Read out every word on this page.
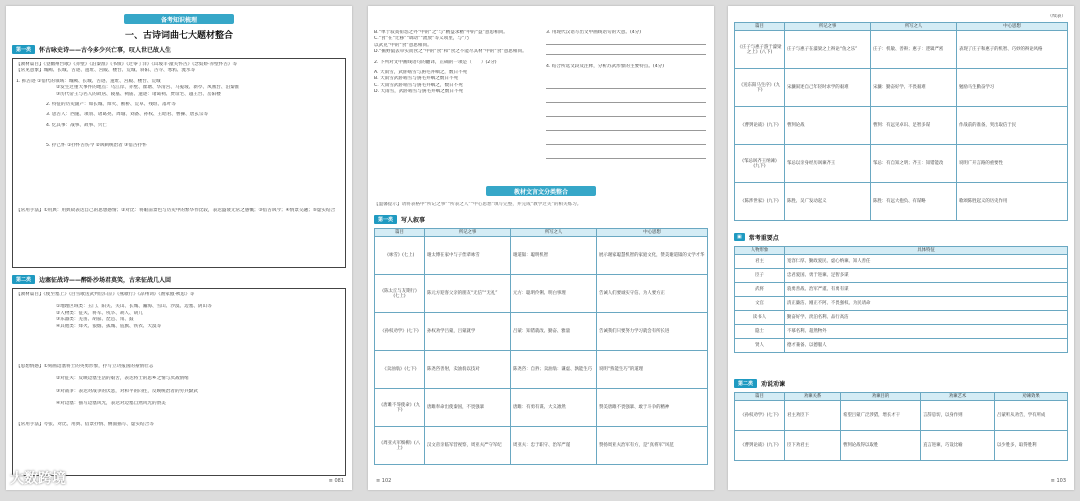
备考知识梳理
一、古诗词曲七大题材整合
第一类	怀古咏史诗——古今多少兴亡事，叹人世已故人生
【教材篇目】《登幽州台歌》《赤壁》《泊秦淮》《书愤》《过零丁洋》《山坡羊·潼关怀古》《念奴娇·赤壁怀古》等
【常见意象】城阙、长城、古迹、遗址、宫殿、楼台、荒城、斜阳、古寺、寒鸦、流水等
1. 抓古迹 ①借代的领域：城阙、长城、古迹、遗址、宫殿、楼台、荒城
②发生过重大事件的地点：乌江岸、赤壁、瞿塘、华清宫、马嵬坡、新亭、凤凰台、泊秦淮
③历代帝王与名人的故居、陵墓、祠庙、遗迹：诸葛祠、贾谊宅、越王台、岳阳楼
2. 特征的历史副产：如长城、烽火、断桥、荒草、残垣、落叶等
3. 思古人：西施、项羽、诸葛亮、周瑜、刘备、孙权、王昭君、曹操、唐玄宗等
4. 忆其事：战事、故事、兴亡
5. 抒己怀 ①抒怀古伤今 ②讽刺统治者 ③借古抒怀
【常用手法】①用典：用典故表达自己的思想感情；②对比：将眼前景色与历史中的繁华作比较，表达盛衰无常之感慨；③借古讽今；④情景交融；⑤虚实结合
第二类	边塞征战诗——醉卧沙场君莫笑，古来征战几人回
【教材篇目】《使至塞上》《白雪歌送武判官归京》《燕歌行》《凉州词》《渔家傲·秋思》等
①地理区域类：玉门、阳关、关山、长城、瀚海、雪山、沙漠、边塞、阴山等
②人物类：征夫、将军、戍卒、胡人、胡儿
③乐器类：羌笛、胡笳、琵琶、角、鼓
④其他类：烽火、狼烟、孤城、旌旗、铁衣、大漠等
【思想情感】①刻画边塞将士的英勇形象，抒写立功报国的豪情壮志
②对征夫：反映边塞生活的艰苦，表达将士的思乡之情与厌战情绪
③对战争：表达对战争的厌恶，对和平的向往，反映统治者的穷兵黩武
④对边塞：描写边塞风光，表达对边塞自然风光的赞美
【常用手法】夸张、对比、用典、借景抒情、侧面描写、虚实结合等
≡ 081
大数跨境
B.“单于寂寞衔怨之外”中的“之”与“精益求精”中的“益”意思相同。
C.“食”在“迁移”“调动”“流放”等义项里，与“乃
以武克”中的“食”意思相同。
D.“掘野鼠去草实而食之”中的“食”和“食之不能尽其材”中的“食”意思相同。
2. 下列对文中画线语句的翻译，正确的一项是（　　）(2分)
A. 天雨雪，武卧啮雪与旃毛并咽之，数日不死
B. 天雨雪武卧啮雪与旃毛并咽之数日不死
C. 天雨雪武卧啮雪与旃毛并咽之，数日不死
D. 天雨雪，武卧啮雪与旃毛并咽之数日不死
3. 用现代汉语写出文中画线语句的大意。(4分)
4. 结合所选文段及注释，分析苏武形象的主要特点。(4分)
教材文言文分类整合
【温馨提示】请将表格中“所记之事”“所表之人”“中心思想”填写完整，并完成“教学过关”的相关练习。
第一类	写人叙事
篇目	所记之事	所写之人	中心思想
《咏雪》(七上)	谢太傅在家中与子侄辈咏雪	谢道韫：聪明机智	展示谢家聪慧机智的家庭文化，赞美谢道韫的文学才华
《陈太丘与友期行》(七上)	陈元方迎客父亲的朋友“无信”“无礼”	元方：聪明伶俐、明白事理	告诫人们要诚实守信、为人要方正
《孙权劝学》(七下)	孙权劝学吕蒙，吕蒙就学	吕蒙：知错就改、勤奋、雅量	告诫我们只要努力学习就会有所长进
《卖油翁》(七下)	陈尧咨善射，卖油翁以技对	陈尧咨：自矜；卖油翁：谦虚、孰能生巧	说明“熟能生巧”的道理
《唐雎不辱使命》(九下)	唐雎奉命出使秦国，不畏强暴	唐雎：有勇有谋、大义凛然	赞美唐雎不畏强暴、敢于斗争的精神
《周亚夫军细柳》(八上)	汉文帝亲临军营视察，周亚夫严守军纪	周亚夫：忠于职守、治军严谨	赞扬周亚夫治军有方，是“真将军”风范
≡ 102
（续表）
篇目	所记之事	所写之人	中心思想
《庄子与惠子游于濠梁之上》(八下)	庄子与惠子在濠梁之上辩论“鱼之乐”	庄子：机敏、善辩；惠子：逻辑严密	表现了庄子和惠子的机智、巧妙的辩论风格
《送东阳马生序》(九下)	宋濂叙述自己年轻时求学的艰难	宋濂：勤奋好学、不畏艰难	勉励马生勤奋学习
《曹刿论战》(九下)	曹刿论战	曹刿：有远见卓识、足智多谋	作战前的准备，突出取信于民
《邹忌讽齐王纳谏》(九下)	邹忌以亲身经历讽谏齐王	邹忌：有自知之明；齐王：知错能改	说明广开言路的重要性
《陈涉世家》(九下)	陈胜、吴广发动起义	陈胜：有远大抱负、有谋略	歌颂陈胜起义的历史作用
▣	常考重要点
人物形象	具体特征
君主	宽容仁厚、勤政爱民、虚心纳谏、知人善任
臣子	忠君爱国、勇于进谏、足智多谋
武将	骁勇善战、治军严谨、有勇有谋
文官	清正廉洁、刚正不阿、不畏强权、为民请命
读书人	勤奋好学、淡泊名利、品行高洁
隐士	不慕名利、超然物外
贤人	德才兼备、以德服人
第二类	劝说劝谏
篇目	劝谏关系	劝谏目的	劝谏艺术	劝谏效果
《孙权劝学》(七下)	君主劝臣下	希望吕蒙广泛涉猎，增长才干	言辞恳切，以身作则	吕蒙听从劝告，学有所成
《曹刿论战》(九下)	臣下劝君主	曹刿论战得以取胜	直言进谏，巧设比喻	以少胜多，取得胜利
≡ 103
